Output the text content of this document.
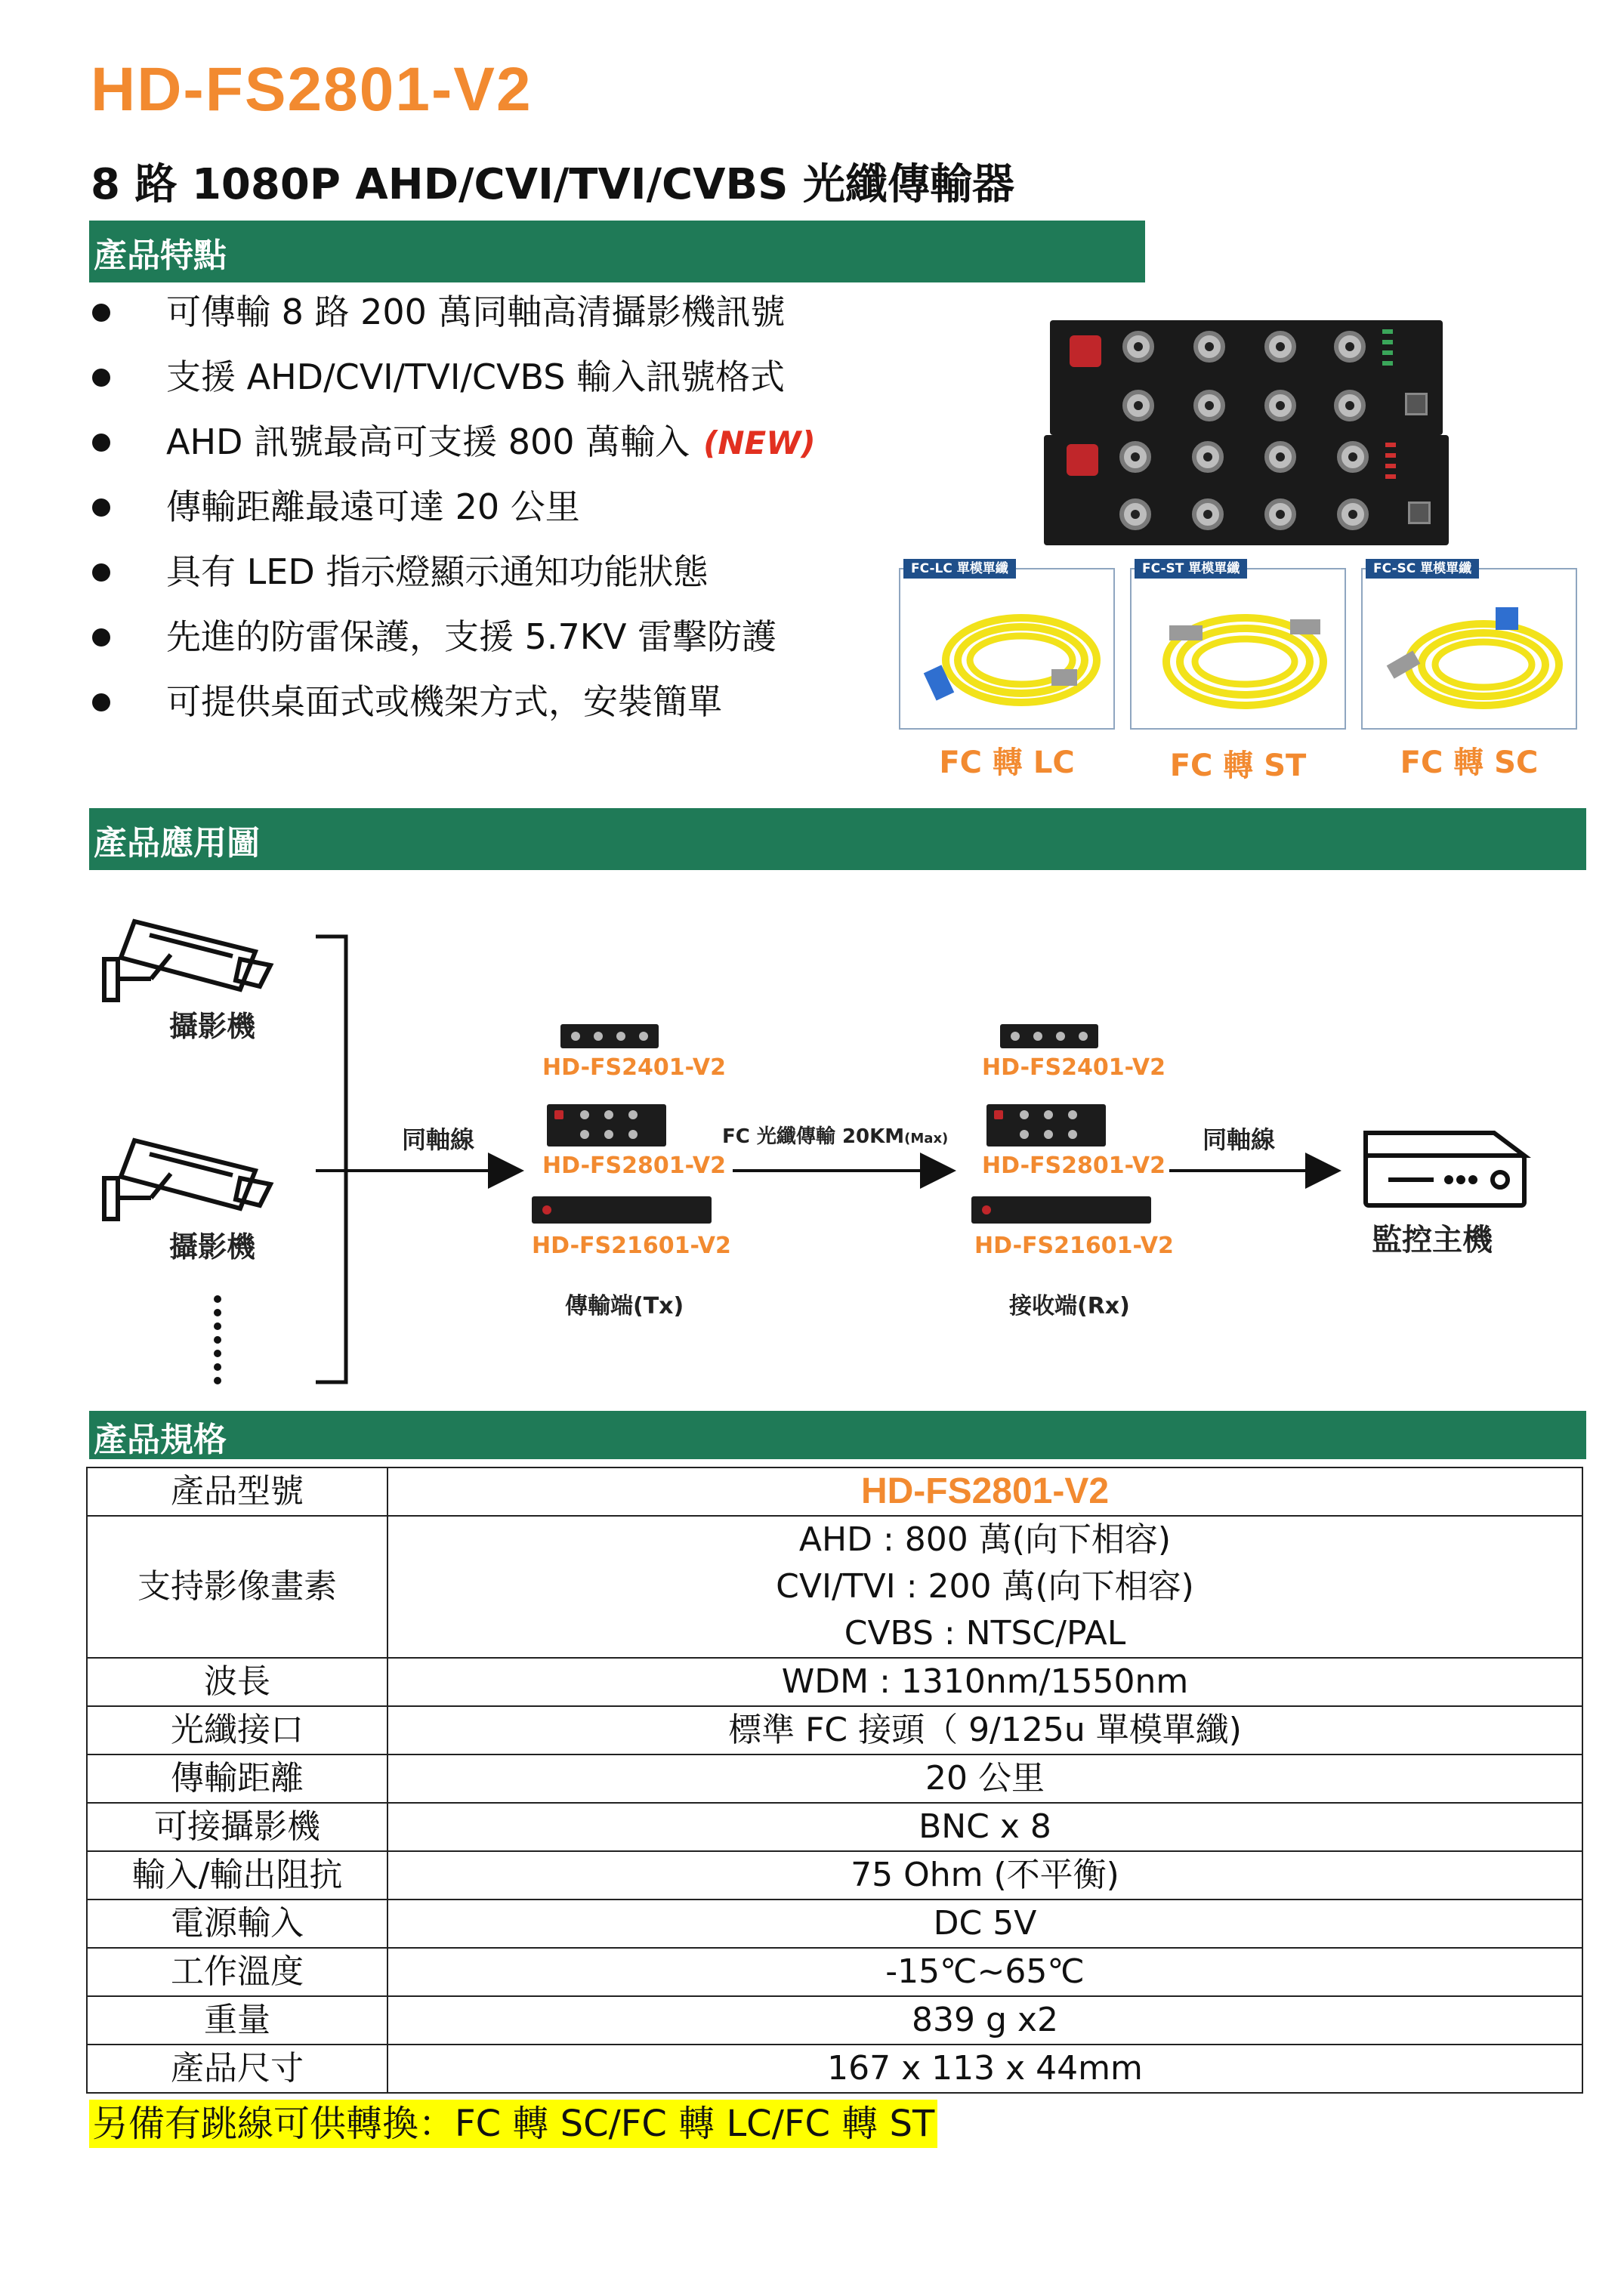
HD-FS2801-V2
8 路 1080P AHD/CVI/TVI/CVBS 光纖傳輸器
產品特點
可傳輸 8 路 200 萬同軸高清攝影機訊號
支援 AHD/CVI/TVI/CVBS 輸入訊號格式
AHD 訊號最高可支援 800 萬輸入 (NEW)
傳輸距離最遠可達 20 公里
具有 LED 指示燈顯示通知功能狀態
先進的防雷保護，支援 5.7KV 雷擊防護
可提供桌面式或機架方式，安裝簡單
FC-LC 單模單纖	FC-ST 單模單纖	FC-SC 單模單纖
FC 轉 LC	FC 轉 ST	FC 轉 SC
產品應用圖
攝影機
攝影機
同軸線	FC 光纖傳輸 20KM(Max)	同軸線
監控主機
HD-FS2401-V2
HD-FS2801-V2
HD-FS21601-V2
傳輸端(Tx)
HD-FS2401-V2
HD-FS2801-V2
HD-FS21601-V2
接收端(Rx)
產品規格
產品型號	HD-FS2801-V2
支持影像畫素	AHD : 800 萬(向下相容)
CVI/TVI : 200 萬(向下相容)
CVBS : NTSC/PAL

波長	WDM : 1310nm/1550nm
光纖接口	標準 FC 接頭（ 9/125u 單模單纖)
傳輸距離	20 公里
可接攝影機	BNC x 8
輸入/輸出阻抗	75 Ohm (不平衡)
電源輸入	DC 5V
工作溫度	-15℃~65℃
重量	839 g x2
產品尺寸	167 x 113 x 44mm
另備有跳線可供轉換：FC 轉 SC/FC 轉 LC/FC 轉 ST
